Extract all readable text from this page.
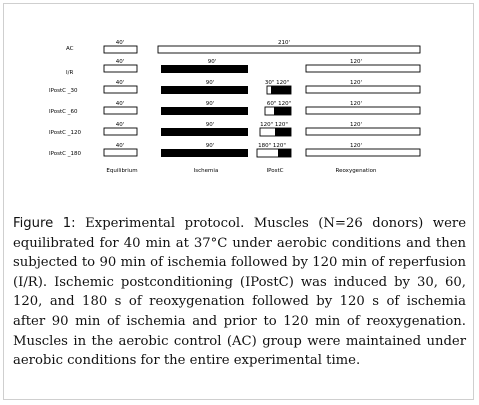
AC
40'	210'
I/R
40'	90'	120'
IPostC _30
40'	90'	30" 120"	120'
IPostC _60
40'	90'	60" 120"	120'
IPostC _120
40'	90'	120" 120"	120'
IPostC _180
40'	90'	180" 120"	120'
Equilibrium	Ischemia	IPostC	Reoxygenation
Figure 1: Experimental protocol. Muscles (N=26 donors) were equilibrated for 40 min at 37°C under aerobic conditions and then subjected to 90 min of ischemia followed by 120 min of reperfusion (I/R). Ischemic postconditioning (IPostC) was induced by 30, 60, 120, and 180 s of reoxygenation followed by 120 s of ischemia after 90 min of ischemia and prior to 120 min of reoxygenation. Muscles in the aerobic control (AC) group were maintained under aerobic conditions for the entire experimental time.
